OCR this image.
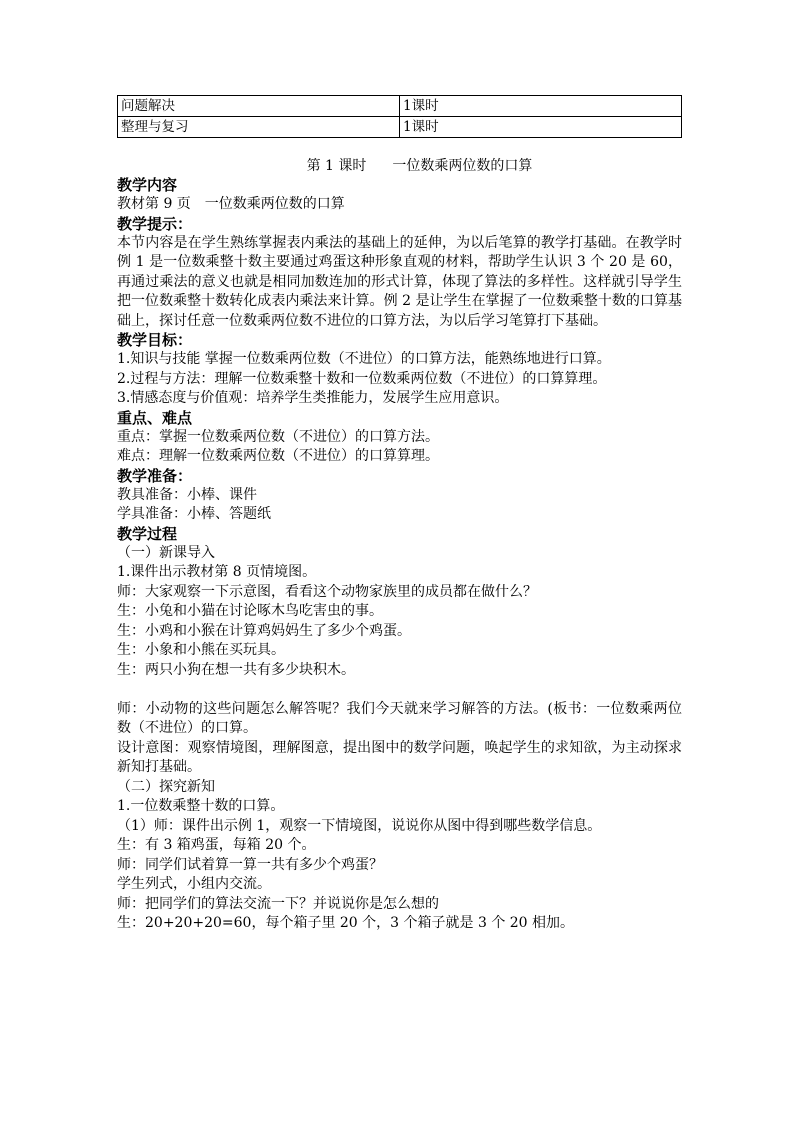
问题解决	1课时
整理与复习	1课时
第 1 课时 一位数乘两位数的口算

教学内容

教材第 9 页　一位数乘两位数的口算

教学提示：

本节内容是在学生熟练掌握表内乘法的基础上的延伸，为以后笔算的教学打基础。在教学时例 1 是一位数乘整十数主要通过鸡蛋这种形象直观的材料，帮助学生认识 3 个 20 是 60，再通过乘法的意义也就是相同加数连加的形式计算，体现了算法的多样性。这样就引导学生把一位数乘整十数转化成表内乘法来计算。例 2 是让学生在掌握了一位数乘整十数的口算基础上，探讨任意一位数乘两位数不进位的口算方法，为以后学习笔算打下基础。

教学目标：

1.知识与技能 掌握一位数乘两位数（不进位）的口算方法，能熟练地进行口算。

2.过程与方法：理解一位数乘整十数和一位数乘两位数（不进位）的口算算理。

3.情感态度与价值观：培养学生类推能力，发展学生应用意识。

重点、难点

重点：掌握一位数乘两位数（不进位）的口算方法。

难点：理解一位数乘两位数（不进位）的口算算理。

教学准备：

教具准备：小棒、课件

学具准备：小棒、答题纸

教学过程

（一）新课导入

1.课件出示教材第 8 页情境图。

师：大家观察一下示意图，看看这个动物家族里的成员都在做什么？

生：小兔和小猫在讨论啄木鸟吃害虫的事。

生：小鸡和小猴在计算鸡妈妈生了多少个鸡蛋。

生：小象和小熊在买玩具。

生：两只小狗在想一共有多少块积木。

师：小动物的这些问题怎么解答呢？我们今天就来学习解答的方法。(板书：一位数乘两位数（不进位）的口算。

设计意图：观察情境图，理解图意，提出图中的数学问题，唤起学生的求知欲，为主动探求新知打基础。

（二）探究新知

1.一位数乘整十数的口算。

（1）师：课件出示例 1，观察一下情境图，说说你从图中得到哪些数学信息。

生：有 3 箱鸡蛋，每箱 20 个。

师：同学们试着算一算一共有多少个鸡蛋？

学生列式，小组内交流。

师：把同学们的算法交流一下？并说说你是怎么想的

生：20+20+20=60，每个箱子里 20 个，3 个箱子就是 3 个 20 相加。
